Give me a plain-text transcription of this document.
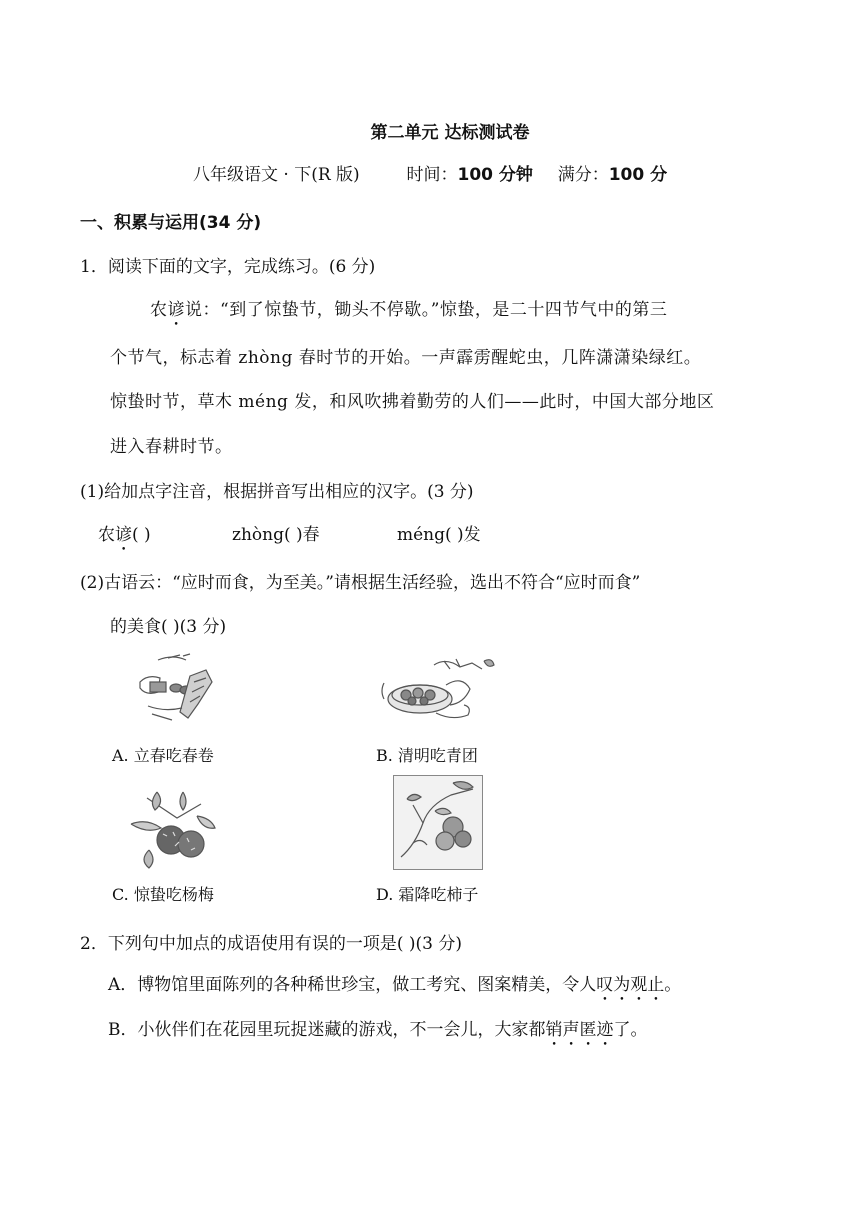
第二单元 达标测试卷
八年级语文 · 下(R 版)	时间：100 分钟 满分：100 分
一、积累与运用(34 分)
1．阅读下面的文字，完成练习。(6 分)
农谚说：“到了惊蛰节，锄头不停歇。”惊蛰，是二十四节气中的第三
个节气，标志着 zhòng 春时节的开始。一声霹雳醒蛇虫，几阵潇潇染绿红。
惊蛰时节，草木 méng 发，和风吹拂着勤劳的人们——此时，中国大部分地区
进入春耕时节。
(1)给加点字注音，根据拼音写出相应的汉字。(3 分)
农谚( )	zhòng( )春	méng( )发
(2)古语云：“应时而食，为至美。”请根据生活经验，选出不符合“应时而食”
的美食( )(3 分)
A. 立春吃春卷	B. 清明吃青团
C. 惊蛰吃杨梅	D. 霜降吃柿子
2．下列句中加点的成语使用有误的一项是( )(3 分)
A．博物馆里面陈列的各种稀世珍宝，做工考究、图案精美，令人叹为观止。
B．小伙伴们在花园里玩捉迷藏的游戏，不一会儿，大家都销声匿迹了。
